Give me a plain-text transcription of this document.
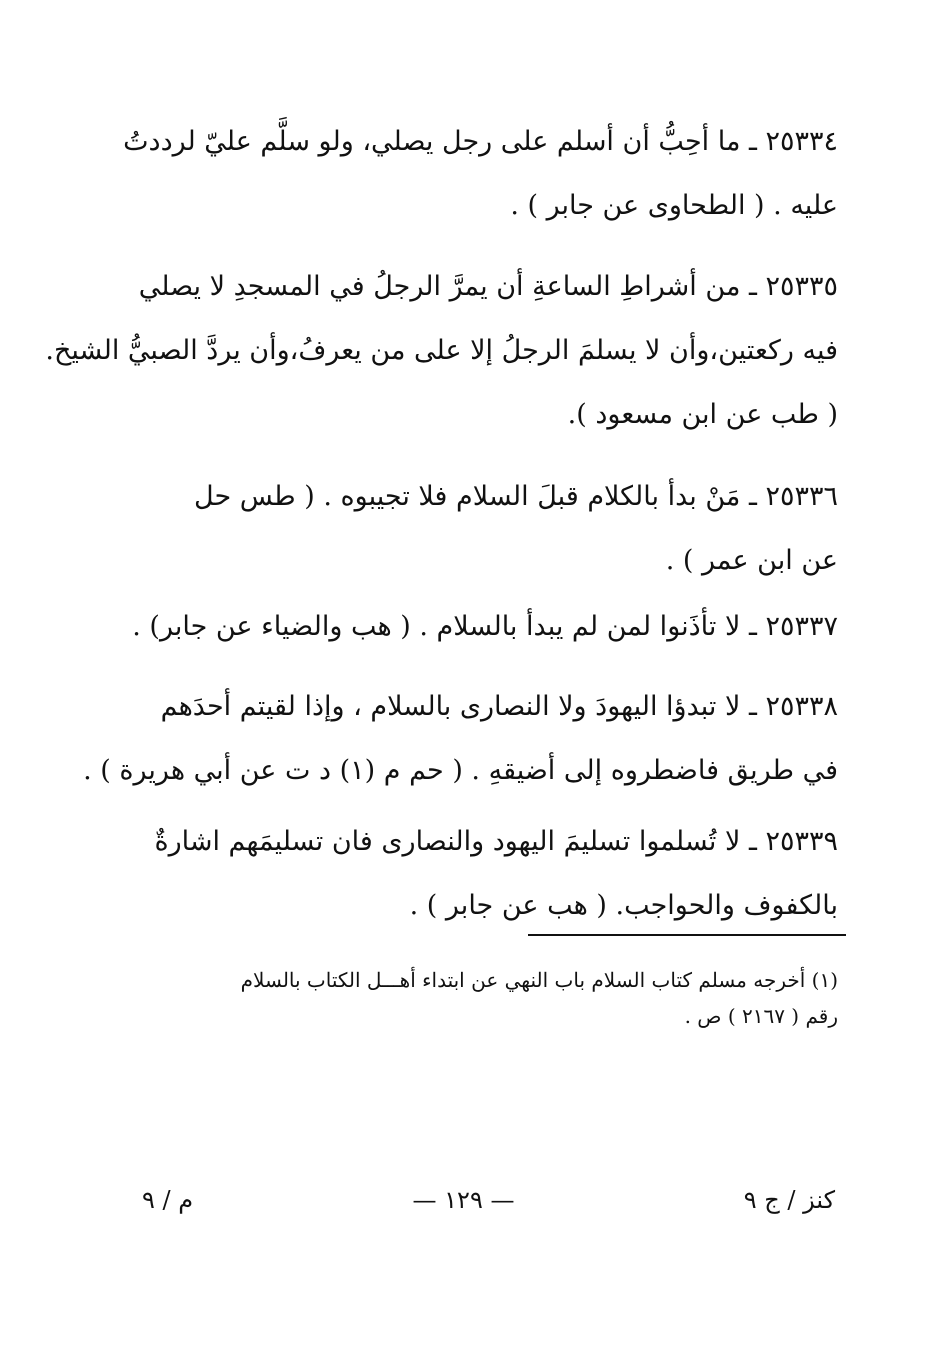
٢٥٣٣٤ ـ ما أحِبُّ أن أسلم على رجل يصلي، ولو سلَّم عليّ لرددتُ
عليه . ( الطحاوى عن جابر ) .
٢٥٣٣٥ ـ من أشراطِ الساعةِ أن يمرَّ الرجلُ في المسجدِ لا يصلي
فيه ركعتين،وأن لا يسلمَ الرجلُ إلا على من يعرفُ،وأن يردَّ الصبيُّ الشيخ.
( طب عن ابن مسعود ).
٢٥٣٣٦ ـ مَنْ بدأ بالكلام قبلَ السلام فلا تجيبوه . ( طس حل
عن ابن عمر ) .
٢٥٣٣٧ ـ لا تأذَنوا لمن لم يبدأ بالسلام . ( هب والضياء عن جابر) .
٢٥٣٣٨ ـ لا تبدؤا اليهودَ ولا النصارى بالسلام ، وإذا لقيتم أحدَهم
في طريق فاضطروه إلى أضيقهِ . ( حم م (١) د ت عن أبي هريرة ) .
٢٥٣٣٩ ـ لا تُسلموا تسليمَ اليهود والنصارى فان تسليمَهم اشارةٌ
بالكفوف والحواجب. ( هب عن جابر ) .
(١) أخرجه مسلم كتاب السلام باب النهي عن ابتداء أهـــل الكتاب بالسلام
رقم ( ٢١٦٧ ) ص .
كنز / ج ٩
— ١٢٩ —
م / ٩
